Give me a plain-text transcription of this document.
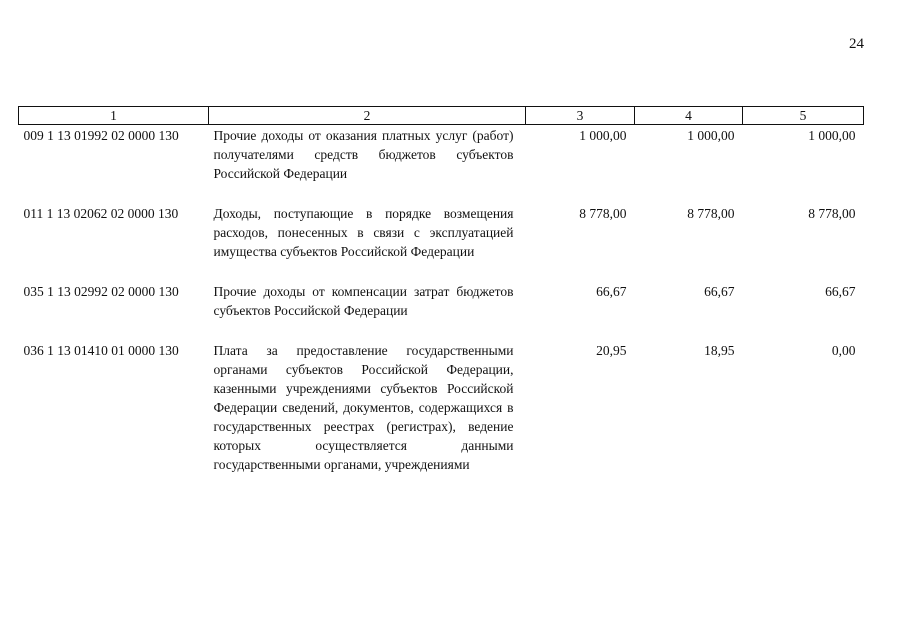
24
1	2	3	4	5
009 1 13 01992 02 0000 130	Прочие доходы от оказания платных услуг (работ) получателями средств бюджетов субъектов Российской Федерации	1 000,00	1 000,00	1 000,00
011 1 13 02062 02 0000 130	Доходы, поступающие в порядке возмещения расходов, понесенных в связи с эксплуатацией имущества субъектов Российской Федерации	8 778,00	8 778,00	8 778,00
035 1 13 02992 02 0000 130	Прочие доходы от компенсации затрат бюджетов субъектов Российской Федерации	66,67	66,67	66,67
036 1 13 01410 01 0000 130	Плата за предоставление государственными органами субъектов Российской Федерации, казенными учреждениями субъектов Российской Федерации сведений, документов, содержащихся в государственных реестрах (регистрах), ведение которых осуществляется данными государственными органами, учреждениями	20,95	18,95	0,00
